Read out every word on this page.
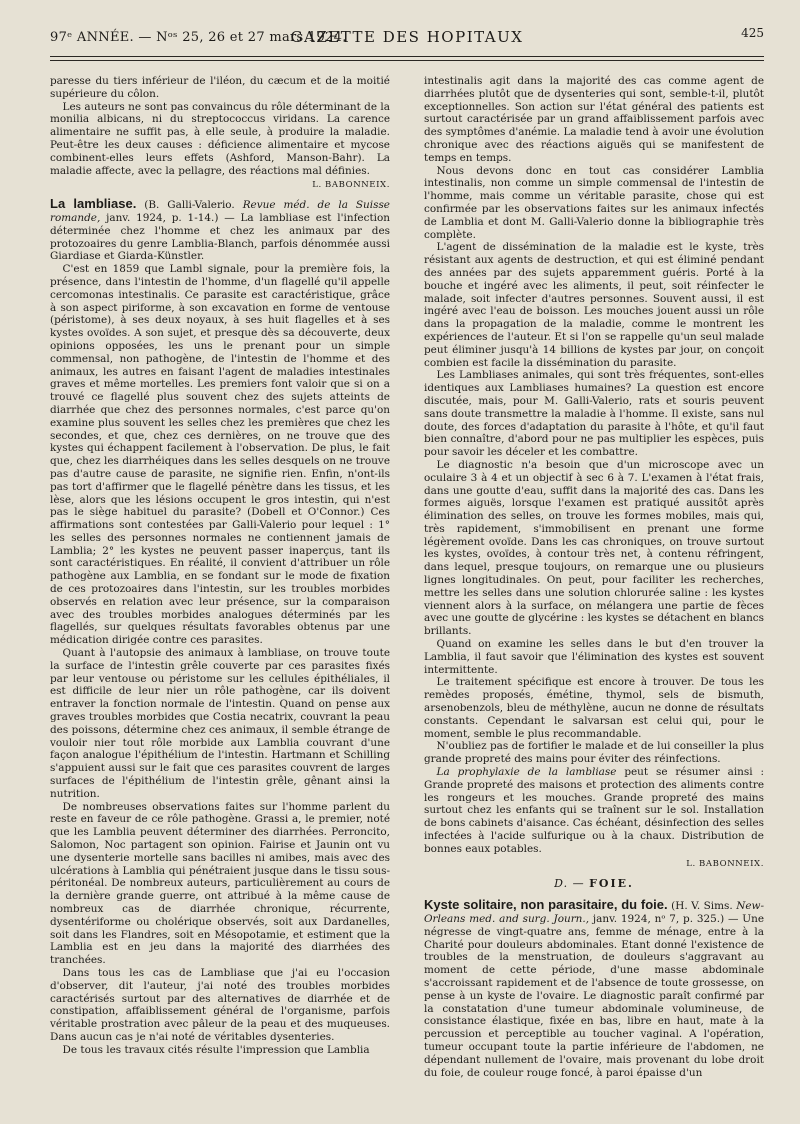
97ᵉ ANNÉE. — Nᵒˢ 25, 26 et 27 mars 1924.
GAZETTE DES HOPITAUX	425

paresse du tiers inférieur de l'iléon, du cæcum et de la moitié supérieure du côlon.

Les auteurs ne sont pas convaincus du rôle déterminant de la monilia albicans, ni du streptococcus viridans. La carence alimentaire ne suffit pas, à elle seule, à produire la maladie. Peut-être les deux causes : déficience alimentaire et mycose combinent-elles leurs effets (Ashford, Manson-Bahr). La maladie affecte, avec la pellagre, des réactions mal définies.

L. BABONNEIX.

La lambliase. (B. Galli-Valerio. Revue méd. de la Suisse romande, janv. 1924, p. 1-14.) — La lambliase est l'infection déterminée chez l'homme et chez les animaux par des protozoaires du genre Lamblia-Blanch, parfois dénommée aussi Giardiase et Giarda-Künstler.

C'est en 1859 que Lambl signale, pour la première fois, la présence, dans l'intestin de l'homme, d'un flagellé qu'il appelle cercomonas intestinalis. Ce parasite est caractéristique, grâce à son aspect piriforme, à son excavation en forme de ventouse (péristome), à ses deux noyaux, à ses huit flagelles et à ses kystes ovoïdes. A son sujet, et presque dès sa découverte, deux opinions opposées, les uns le prenant pour un simple commensal, non pathogène, de l'intestin de l'homme et des animaux, les autres en faisant l'agent de maladies intestinales graves et même mortelles. Les premiers font valoir que si on a trouvé ce flagellé plus souvent chez des sujets atteints de diarrhée que chez des personnes normales, c'est parce qu'on examine plus souvent les selles chez les premières que chez les secondes, et que, chez ces dernières, on ne trouve que des kystes qui échappent facilement à l'observation. De plus, le fait que, chez les diarrhéiques dans les selles desquels on ne trouve pas d'autre cause de parasite, ne signifie rien. Enfin, n'ont-ils pas tort d'affirmer que le flagellé pénètre dans les tissus, et les lèse, alors que les lésions occupent le gros intestin, qui n'est pas le siège habituel du parasite? (Dobell et O'Connor.) Ces affirmations sont contestées par Galli-Valerio pour lequel : 1° les selles des personnes normales ne contiennent jamais de Lamblia; 2° les kystes ne peuvent passer inaperçus, tant ils sont caractéristiques. En réalité, il convient d'attribuer un rôle pathogène aux Lamblia, en se fondant sur le mode de fixation de ces protozoaires dans l'intestin, sur les troubles morbides observés en relation avec leur présence, sur la comparaison avec des troubles morbides analogues déterminés par les flagellés, sur quelques résultats favorables obtenus par une médication dirigée contre ces parasites.

Quant à l'autopsie des animaux à lambliase, on trouve toute la surface de l'intestin grêle couverte par ces parasites fixés par leur ventouse ou péristome sur les cellules épithéliales, il est difficile de leur nier un rôle pathogène, car ils doivent entraver la fonction normale de l'intestin. Quand on pense aux graves troubles morbides que Costia necatrix, couvrant la peau des poissons, détermine chez ces animaux, il semble étrange de vouloir nier tout rôle morbide aux Lamblia couvrant d'une façon analogue l'épithélium de l'intestin. Hartmann et Schilling s'appuient aussi sur le fait que ces parasites couvrent de larges surfaces de l'épithélium de l'intestin grêle, gênant ainsi la nutrition.

De nombreuses observations faites sur l'homme parlent du reste en faveur de ce rôle pathogène. Grassi a, le premier, noté que les Lamblia peuvent déterminer des diarrhées. Perroncito, Salomon, Noc partagent son opinion. Fairise et Jaunin ont vu une dysenterie mortelle sans bacilles ni amibes, mais avec des ulcérations à Lamblia qui pénétraient jusque dans le tissu sous-péritonéal. De nombreux auteurs, particulièrement au cours de la dernière grande guerre, ont attribué à la même cause de nombreux cas de diarrhée chronique, récurrente, dysentériforme ou cholérique observés, soit aux Dardanelles, soit dans les Flandres, soit en Mésopotamie, et estiment que la Lamblia est en jeu dans la majorité des diarrhées des tranchées.

Dans tous les cas de Lambliase que j'ai eu l'occasion d'observer, dit l'auteur, j'ai noté des troubles morbides caractérisés surtout par des alternatives de diarrhée et de constipation, affaiblissement général de l'organisme, parfois véritable prostration avec pâleur de la peau et des muqueuses. Dans aucun cas je n'ai noté de véritables dysenteries.

De tous les travaux cités résulte l'impression que Lamblia

intestinalis agit dans la majorité des cas comme agent de diarrhées plutôt que de dysenteries qui sont, semble-t-il, plutôt exceptionnelles. Son action sur l'état général des patients est surtout caractérisée par un grand affaiblissement parfois avec des symptômes d'anémie. La maladie tend à avoir une évolution chronique avec des réactions aiguës qui se manifestent de temps en temps.

Nous devons donc en tout cas considérer Lamblia intestinalis, non comme un simple commensal de l'intestin de l'homme, mais comme un véritable parasite, chose qui est confirmée par les observations faites sur les animaux infectés de Lamblia et dont M. Galli-Valerio donne la bibliographie très complète.

L'agent de dissémination de la maladie est le kyste, très résistant aux agents de destruction, et qui est éliminé pendant des années par des sujets apparemment guéris. Porté à la bouche et ingéré avec les aliments, il peut, soit réinfecter le malade, soit infecter d'autres personnes. Souvent aussi, il est ingéré avec l'eau de boisson. Les mouches jouent aussi un rôle dans la propagation de la maladie, comme le montrent les expériences de l'auteur. Et si l'on se rappelle qu'un seul malade peut éliminer jusqu'à 14 billions de kystes par jour, on conçoit combien est facile la dissémination du parasite.

Les Lambliases animales, qui sont très fréquentes, sont-elles identiques aux Lambliases humaines? La question est encore discutée, mais, pour M. Galli-Valerio, rats et souris peuvent sans doute transmettre la maladie à l'homme. Il existe, sans nul doute, des forces d'adaptation du parasite à l'hôte, et qu'il faut bien connaître, d'abord pour ne pas multiplier les espèces, puis pour savoir les déceler et les combattre.

Le diagnostic n'a besoin que d'un microscope avec un oculaire 3 à 4 et un objectif à sec 6 à 7. L'examen à l'état frais, dans une goutte d'eau, suffit dans la majorité des cas. Dans les formes aiguës, lorsque l'examen est pratiqué aussitôt après élimination des selles, on trouve les formes mobiles, mais qui, très rapidement, s'immobilisent en prenant une forme légèrement ovoïde. Dans les cas chroniques, on trouve surtout les kystes, ovoïdes, à contour très net, à contenu réfringent, dans lequel, presque toujours, on remarque une ou plusieurs lignes longitudinales. On peut, pour faciliter les recherches, mettre les selles dans une solution chlorurée saline : les kystes viennent alors à la surface, on mélangera une partie de fèces avec une goutte de glycérine : les kystes se détachent en blancs brillants.

Quand on examine les selles dans le but d'en trouver la Lamblia, il faut savoir que l'élimination des kystes est souvent intermittente.

Le traitement spécifique est encore à trouver. De tous les remèdes proposés, émétine, thymol, sels de bismuth, arsenobenzols, bleu de méthylène, aucun ne donne de résultats constants. Cependant le salvarsan est celui qui, pour le moment, semble le plus recommandable.

N'oubliez pas de fortifier le malade et de lui conseiller la plus grande propreté des mains pour éviter des réinfections.

La prophylaxie de la lambliase peut se résumer ainsi : Grande propreté des maisons et protection des aliments contre les rongeurs et les mouches. Grande propreté des mains surtout chez les enfants qui se traînent sur le sol. Installation de bons cabinets d'aisance. Cas échéant, désinfection des selles infectées à l'acide sulfurique ou à la chaux. Distribution de bonnes eaux potables.

L. BABONNEIX.
D. — FOIE.

Kyste solitaire, non parasitaire, du foie. (H. V. Sims. New-Orleans med. and surg. Journ., janv. 1924, nᵒ 7, p. 325.) — Une négresse de vingt-quatre ans, femme de ménage, entre à la Charité pour douleurs abdominales. Etant donné l'existence de troubles de la menstruation, de douleurs s'aggravant au moment de cette période, d'une masse abdominale s'accroissant rapidement et de l'absence de toute grossesse, on pense à un kyste de l'ovaire. Le diagnostic paraît confirmé par la constatation d'une tumeur abdominale volumineuse, de consistance élastique, fixée en bas, libre en haut, mate à la percussion et perceptible au toucher vaginal. A l'opération, tumeur occupant toute la partie inférieure de l'abdomen, ne dépendant nullement de l'ovaire, mais provenant du lobe droit du foie, de couleur rouge foncé, à paroi épaisse d'un
